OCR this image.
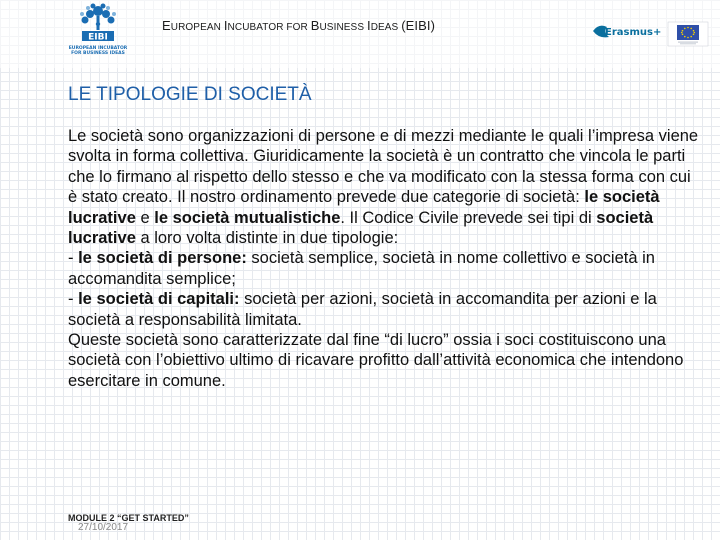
EIBI
EUROPEAN INCUBATOR
FOR BUSINESS IDEAS
EUROPEAN INCUBATOR FOR BUSINESS IDEAS (EIBI)	Erasmus+
LE TIPOLOGIE DI SOCIETÀ

Le società sono organizzazioni di persone e di mezzi mediante le quali l’impresa viene svolta in forma collettiva. Giuridicamente la società è un contratto che vincola le parti che lo firmano al rispetto dello stesso e che va modificato con la stessa forma con cui è stato creato. Il nostro ordinamento prevede due categorie di società: le società lucrative e le società mutualistiche. Il Codice Civile prevede sei tipi di società lucrative a loro volta distinte in due tipologie:

- le società di persone: società semplice, società in nome collettivo e società in accomandita semplice;

- le società di capitali: società per azioni, società in accomandita per azioni e la società a responsabilità limitata.

Queste società sono caratterizzate dal fine “di lucro” ossia i soci costituiscono una società con l’obiettivo ultimo di ricavare profitto dall’attività economica che intendono esercitare in comune.

MODULE 2 “GET STARTED”
27/10/2017
